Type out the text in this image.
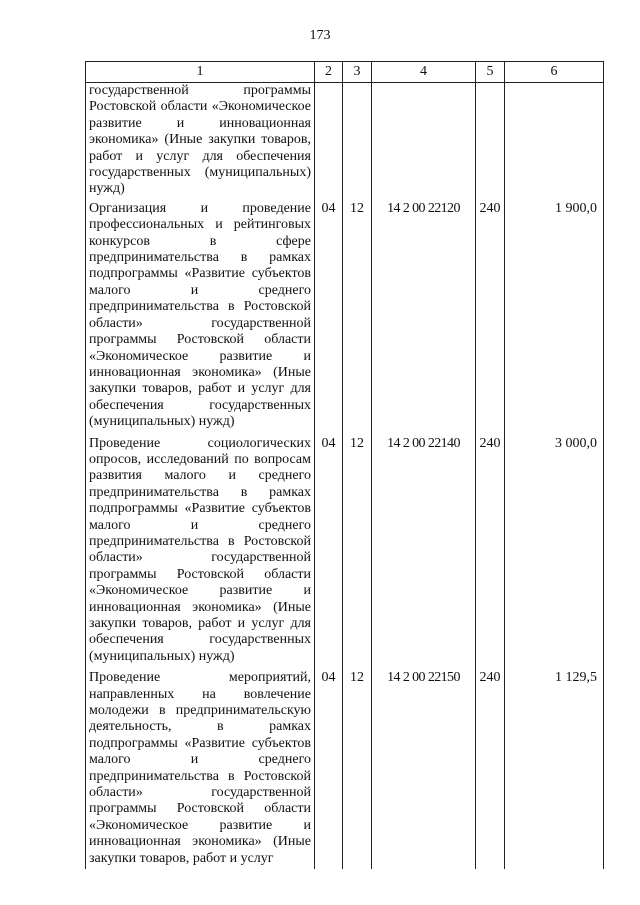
173
1	2	3	4	5	6
государственной программы Ростовской области «Экономическое развитие и инновационная экономика» (Иные закупки товаров, работ и услуг для обеспечения государственных (муниципальных) нужд)					
Организация и проведение профессиональных и рейтинговых конкурсов в сфере предпринимательства в рамках подпрограммы «Развитие субъектов малого и среднего предпринимательства в Ростовской области» государственной программы Ростовской области «Экономическое развитие и инновационная экономика» (Иные закупки товаров, работ и услуг для обеспечения государственных (муниципальных) нужд)	04	12	14 2 00 22120	240	1 900,0
Проведение социологических опросов, исследований по вопросам развития малого и среднего предпринимательства в рамках подпрограммы «Развитие субъектов малого и среднего предпринимательства в Ростовской области» государственной программы Ростовской области «Экономическое развитие и инновационная экономика» (Иные закупки товаров, работ и услуг для обеспечения государственных (муниципальных) нужд)	04	12	14 2 00 22140	240	3 000,0
Проведение мероприятий, направленных на вовлечение молодежи в предпринимательскую деятельность, в рамках подпрограммы «Развитие субъектов малого и среднего предпринимательства в Ростовской области» государственной программы Ростовской области «Экономическое развитие и инновационная экономика» (Иные закупки товаров, работ и услуг	04	12	14 2 00 22150	240	1 129,5
